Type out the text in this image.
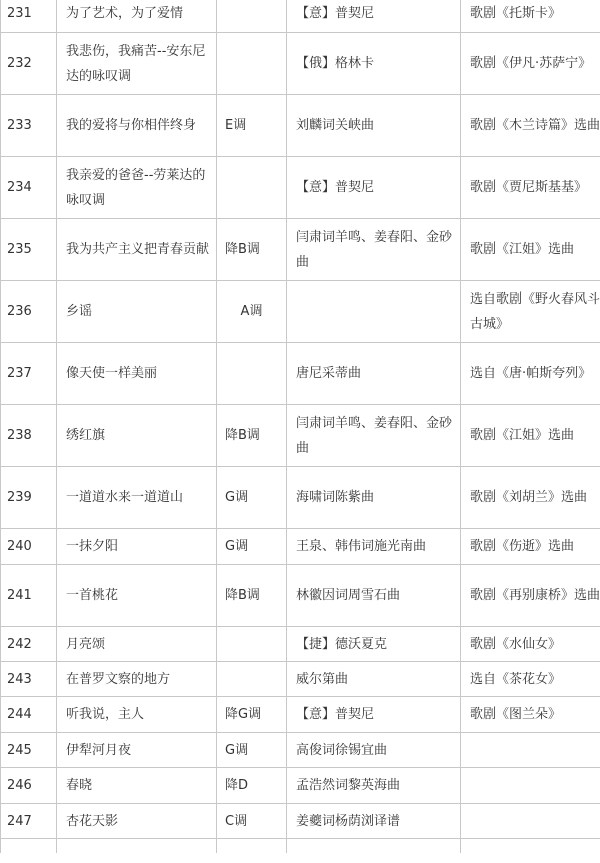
231	为了艺术，为了爱情		【意】普契尼	歌剧《托斯卡》
232	我悲伤，我痛苦--安东尼达的咏叹调		【俄】格林卡	歌剧《伊凡·苏萨宁》
233	我的爱将与你相伴终身	E调	刘麟词关峡曲	歌剧《木兰诗篇》选曲
234	我亲爱的爸爸--劳莱达的咏叹调		【意】普契尼	歌剧《贾尼斯基基》
235	我为共产主义把青春贡献	降B调	闫肃词羊鸣、姜春阳、金砂曲	歌剧《江姐》选曲
236	乡谣	A调		选自歌剧《野火春风斗古城》
237	像天使一样美丽		唐尼采蒂曲	选自《唐·帕斯夸列》
238	绣红旗	降B调	闫肃词羊鸣、姜春阳、金砂曲	歌剧《江姐》选曲
239	一道道水来一道道山	G调	海啸词陈紫曲	歌剧《刘胡兰》选曲
240	一抹夕阳	G调	王泉、韩伟词施光南曲	歌剧《伤逝》选曲
241	一首桃花	降B调	林徽因词周雪石曲	歌剧《再别康桥》选曲
242	月亮颂		【捷】德沃夏克	歌剧《水仙女》
243	在普罗文察的地方		威尔第曲	选自《茶花女》
244	听我说，主人	降G调	【意】普契尼	歌剧《图兰朵》
245	伊犁河月夜	G调	高俊词徐锡宜曲	
246	春晓	降D	孟浩然词黎英海曲	
247	杏花天影	C调	姜夔词杨荫浏译谱	
